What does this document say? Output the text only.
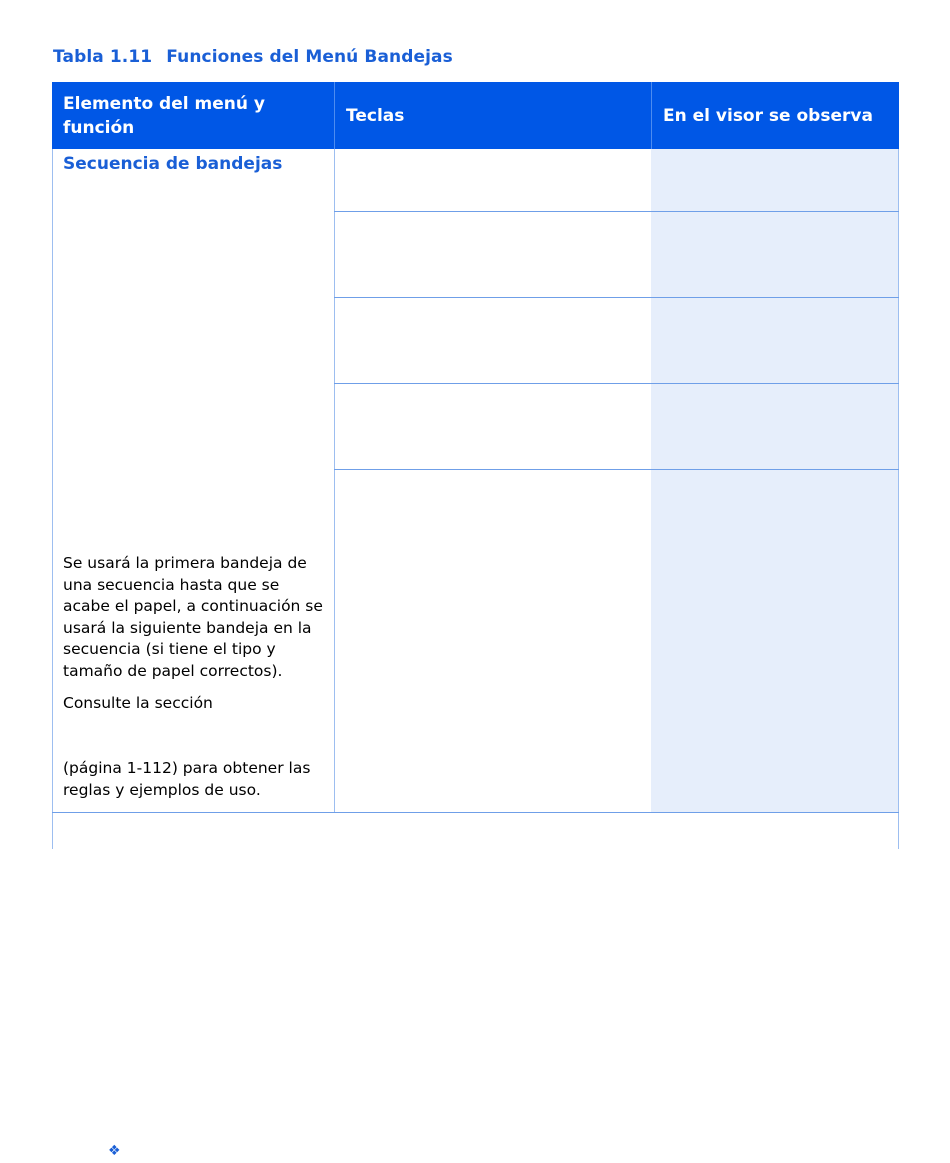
Tabla 1.11 Funciones del Menú Bandejas
Elemento del menú y función
Teclas	En el visor se observa
Secuencia de bandejas
Se usará la primera bandeja de una secuencia hasta que se acabe el papel, a continuación se usará la siguiente bandeja en la secuencia (si tiene el tipo y tamaño de papel correctos).
Consulte la sección
(página 1-112) para obtener las reglas y ejemplos de uso.
❖
